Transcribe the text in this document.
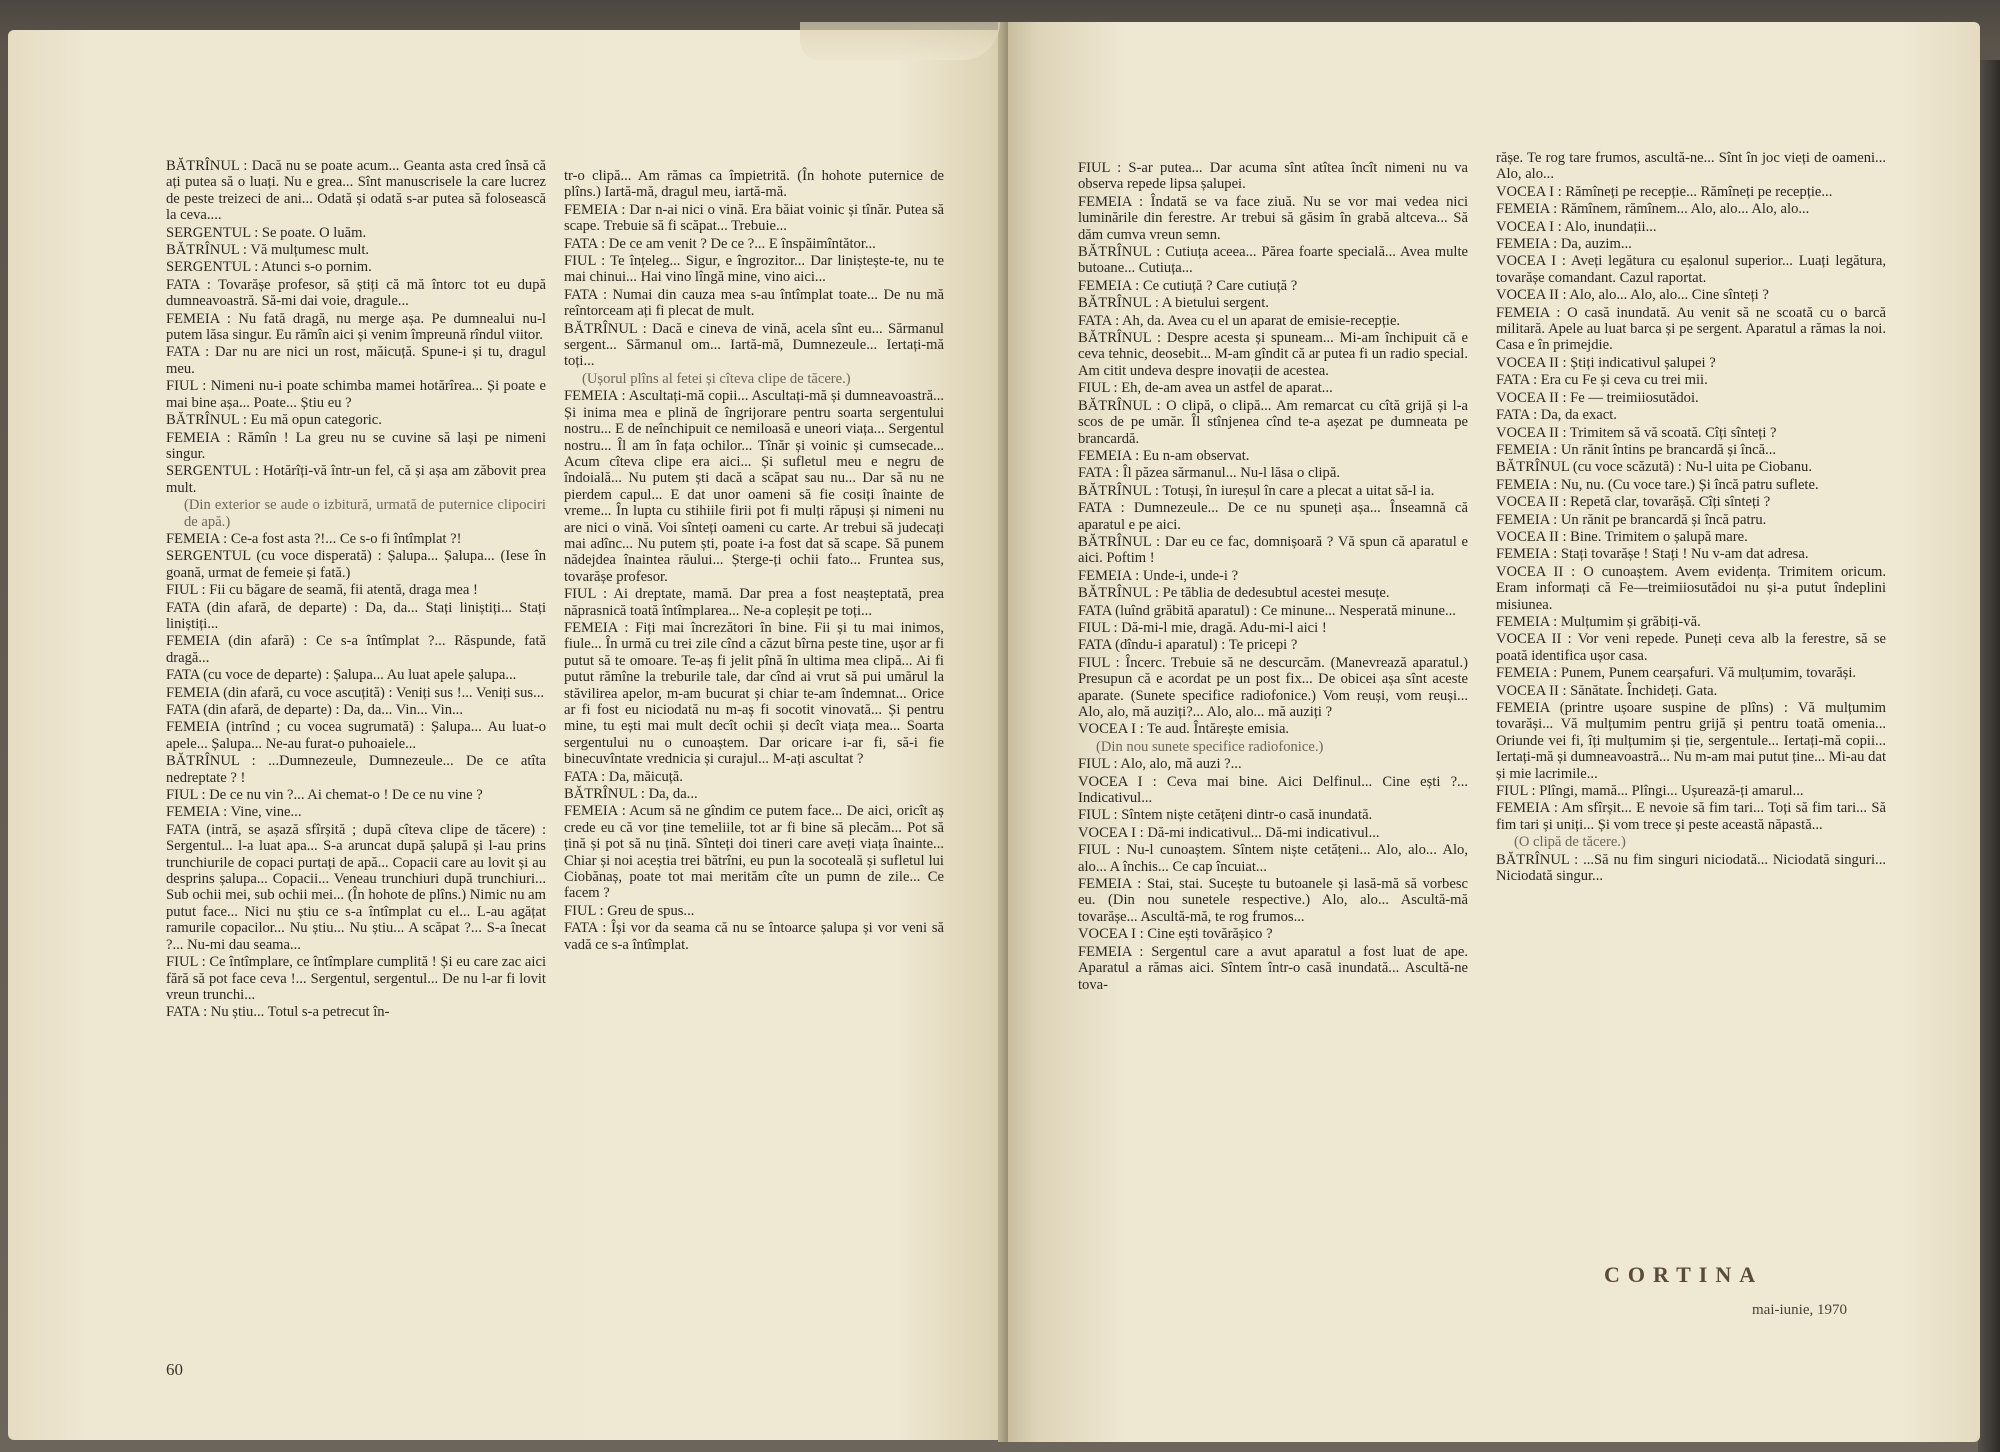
BĂTRÎNUL : Dacă nu se poate acum... Geanta asta cred însă că ați putea să o luați. Nu e grea... Sînt manuscrisele la care lucrez de peste treizeci de ani... Odată și odată s-ar putea să folosească la ceva....

SERGENTUL : Se poate. O luăm.

BĂTRÎNUL : Vă mulțumesc mult.

SERGENTUL : Atunci s-o pornim.

FATA : Tovarășe profesor, să știți că mă întorc tot eu după dumneavoastră. Să-mi dai voie, dragule...

FEMEIA : Nu fată dragă, nu merge așa. Pe dumnealui nu-l putem lăsa singur. Eu rămîn aici și venim împreună rîndul viitor.

FATA : Dar nu are nici un rost, măicuță. Spune-i și tu, dragul meu.

FIUL : Nimeni nu-i poate schimba mamei hotărîrea... Și poate e mai bine așa... Poate... Știu eu ?

BĂTRÎNUL : Eu mă opun categoric.

FEMEIA : Rămîn ! La greu nu se cuvine să lași pe nimeni singur.

SERGENTUL : Hotărîți-vă într-un fel, că și așa am zăbovit prea mult.

(Din exterior se aude o izbitură, urmată de puternice clipociri de apă.)

FEMEIA : Ce-a fost asta ?!... Ce s-o fi întîmplat ?!

SERGENTUL (cu voce disperată) : Șalupa... Șalupa... (Iese în goană, urmat de femeie și fată.)

FIUL : Fii cu băgare de seamă, fii atentă, draga mea !

FATA (din afară, de departe) : Da, da... Stați liniștiți... Stați liniștiți...

FEMEIA (din afară) : Ce s-a întîmplat ?... Răspunde, fată dragă...

FATA (cu voce de departe) : Șalupa... Au luat apele șalupa...

FEMEIA (din afară, cu voce ascuțită) : Veniți sus !... Veniți sus...

FATA (din afară, de departe) : Da, da... Vin... Vin...

FEMEIA (intrînd ; cu vocea sugrumată) : Șalupa... Au luat-o apele... Șalupa... Ne-au furat-o puhoaiele...

BĂTRÎNUL : ...Dumnezeule, Dumnezeule... De ce atîta nedreptate ? !

FIUL : De ce nu vin ?... Ai chemat-o ! De ce nu vine ?

FEMEIA : Vine, vine...

FATA (intră, se așază sfîrșită ; după cîteva clipe de tăcere) : Sergentul... l-a luat apa... S-a aruncat după șalupă și l-au prins trunchiurile de copaci purtați de apă... Copacii care au lovit și au desprins șalupa... Copacii... Veneau trunchiuri după trunchiuri... Sub ochii mei, sub ochii mei... (În hohote de plîns.) Nimic nu am putut face... Nici nu știu ce s-a întîmplat cu el... L-au agățat ramurile copacilor... Nu știu... Nu știu... A scăpat ?... S-a înecat ?... Nu-mi dau seama...

FIUL : Ce întîmplare, ce întîmplare cumplită ! Și eu care zac aici fără să pot face ceva !... Sergentul, sergentul... De nu l-ar fi lovit vreun trunchi...

FATA : Nu știu... Totul s-a petrecut în-

tr-o clipă... Am rămas ca împietrită. (În hohote puternice de plîns.) Iartă-mă, dragul meu, iartă-mă.

FEMEIA : Dar n-ai nici o vină. Era băiat voinic și tînăr. Putea să scape. Trebuie să fi scăpat... Trebuie...

FATA : De ce am venit ? De ce ?... E înspăimîntător...

FIUL : Te înțeleg... Sigur, e îngrozitor... Dar liniștește-te, nu te mai chinui... Hai vino lîngă mine, vino aici...

FATA : Numai din cauza mea s-au întîmplat toate... De nu mă reîntorceam ați fi plecat de mult.

BĂTRÎNUL : Dacă e cineva de vină, acela sînt eu... Sărmanul sergent... Sărmanul om... Iartă-mă, Dumnezeule... Iertați-mă toți...

(Ușorul plîns al fetei și cîteva clipe de tăcere.)

FEMEIA : Ascultați-mă copii... Ascultați-mă și dumneavoastră... Și inima mea e plină de îngrijorare pentru soarta sergentului nostru... E de neînchipuit ce nemiloasă e uneori viața... Sergentul nostru... Îl am în fața ochilor... Tînăr și voinic și cumsecade... Acum cîteva clipe era aici... Și sufletul meu e negru de îndoială... Nu putem ști dacă a scăpat sau nu... Dar să nu ne pierdem capul... E dat unor oameni să fie cosiți înainte de vreme... În lupta cu stihiile firii pot fi mulți răpuși și nimeni nu are nici o vină. Voi sînteți oameni cu carte. Ar trebui să judecați mai adînc... Nu putem ști, poate i-a fost dat să scape. Să punem nădejdea înaintea răului... Șterge-ți ochii fato... Fruntea sus, tovarășe profesor.

FIUL : Ai dreptate, mamă. Dar prea a fost neașteptată, prea năprasnică toată întîmplarea... Ne-a copleșit pe toți...

FEMEIA : Fiți mai încrezători în bine. Fii și tu mai inimos, fiule... În urmă cu trei zile cînd a căzut bîrna peste tine, ușor ar fi putut să te omoare. Te-aș fi jelit pînă în ultima mea clipă... Ai fi putut rămîne la treburile tale, dar cînd ai vrut să pui umărul la stăvilirea apelor, m-am bucurat și chiar te-am îndemnat... Orice ar fi fost eu niciodată nu m-aș fi socotit vinovată... Și pentru mine, tu ești mai mult decît ochii și decît viața mea... Soarta sergentului nu o cunoaștem. Dar oricare i-ar fi, să-i fie binecuvîntate vrednicia și curajul... M-ați ascultat ?

FATA : Da, măicuță.

BĂTRÎNUL : Da, da...

FEMEIA : Acum să ne gîndim ce putem face... De aici, oricît aș crede eu că vor ține temeliile, tot ar fi bine să plecăm... Pot să țină și pot să nu țină. Sînteți doi tineri care aveți viața înainte... Chiar și noi aceștia trei bătrîni, eu pun la socoteală și sufletul lui Ciobănaș, poate tot mai merităm cîte un pumn de zile... Ce facem ?

FIUL : Greu de spus...

FATA : Își vor da seama că nu se întoarce șalupa și vor veni să vadă ce s-a întîmplat.

60

FIUL : S-ar putea... Dar acuma sînt atîtea încît nimeni nu va observa repede lipsa șalupei.

FEMEIA : Îndată se va face ziuă. Nu se vor mai vedea nici luminările din ferestre. Ar trebui să găsim în grabă altceva... Să dăm cumva vreun semn.

BĂTRÎNUL : Cutiuța aceea... Părea foarte specială... Avea multe butoane... Cutiuța...

FEMEIA : Ce cutiuță ? Care cutiuță ?

BĂTRÎNUL : A bietului sergent.

FATA : Ah, da. Avea cu el un aparat de emisie-recepție.

BĂTRÎNUL : Despre acesta și spuneam... Mi-am închipuit că e ceva tehnic, deosebit... M-am gîndit că ar putea fi un radio special. Am citit undeva despre inovații de acestea.

FIUL : Eh, de-am avea un astfel de aparat...

BĂTRÎNUL : O clipă, o clipă... Am remarcat cu cîtă grijă și l-a scos de pe umăr. Îl stînjenea cînd te-a așezat pe dumneata pe brancardă.

FEMEIA : Eu n-am observat.

FATA : Îl păzea sărmanul... Nu-l lăsa o clipă.

BĂTRÎNUL : Totuși, în iureșul în care a plecat a uitat să-l ia.

FATA : Dumnezeule... De ce nu spuneți așa... Înseamnă că aparatul e pe aici.

BĂTRÎNUL : Dar eu ce fac, domnișoară ? Vă spun că aparatul e aici. Poftim !

FEMEIA : Unde-i, unde-i ?

BĂTRÎNUL : Pe tăblia de dedesubtul acestei mesuțe.

FATA (luînd grăbită aparatul) : Ce minune... Nesperată minune...

FIUL : Dă-mi-l mie, dragă. Adu-mi-l aici !

FATA (dîndu-i aparatul) : Te pricepi ?

FIUL : Încerc. Trebuie să ne descurcăm. (Manevrează aparatul.) Presupun că e acordat pe un post fix... De obicei așa sînt aceste aparate. (Sunete specifice radiofonice.) Vom reuși, vom reuși... Alo, alo, mă auziți?... Alo, alo... mă auziți ?

VOCEA I : Te aud. Întărește emisia.

(Din nou sunete specifice radiofonice.)

FIUL : Alo, alo, mă auzi ?...

VOCEA I : Ceva mai bine. Aici Delfinul... Cine ești ?... Indicativul...

FIUL : Sîntem niște cetățeni dintr-o casă inundată.

VOCEA I : Dă-mi indicativul... Dă-mi indicativul...

FIUL : Nu-l cunoaștem. Sîntem niște cetățeni... Alo, alo... Alo, alo... A închis... Ce cap încuiat...

FEMEIA : Stai, stai. Sucește tu butoanele și lasă-mă să vorbesc eu. (Din nou sunetele respective.) Alo, alo... Ascultă-mă tovarășe... Ascultă-mă, te rog frumos...

VOCEA I : Cine ești tovărășico ?

FEMEIA : Sergentul care a avut aparatul a fost luat de ape. Aparatul a rămas aici. Sîntem într-o casă inundată... Ascultă-ne tova-

rășe. Te rog tare frumos, ascultă-ne... Sînt în joc vieți de oameni... Alo, alo...

VOCEA I : Rămîneți pe recepție... Rămîneți pe recepție...

FEMEIA : Rămînem, rămînem... Alo, alo... Alo, alo...

VOCEA I : Alo, inundații...

FEMEIA : Da, auzim...

VOCEA I : Aveți legătura cu eșalonul superior... Luați legătura, tovarășe comandant. Cazul raportat.

VOCEA II : Alo, alo... Alo, alo... Cine sînteți ?

FEMEIA : O casă inundată. Au venit să ne scoată cu o barcă militară. Apele au luat barca și pe sergent. Aparatul a rămas la noi. Casa e în primejdie.

VOCEA II : Știți indicativul șalupei ?

FATA : Era cu Fe și ceva cu trei mii.

VOCEA II : Fe — treimiiosutădoi.

FATA : Da, da exact.

VOCEA II : Trimitem să vă scoată. Cîți sînteți ?

FEMEIA : Un rănit întins pe brancardă și încă...

BĂTRÎNUL (cu voce scăzută) : Nu-l uita pe Ciobanu.

FEMEIA : Nu, nu. (Cu voce tare.) Și încă patru suflete.

VOCEA II : Repetă clar, tovarășă. Cîți sînteți ?

FEMEIA : Un rănit pe brancardă și încă patru.

VOCEA II : Bine. Trimitem o șalupă mare.

FEMEIA : Stați tovarășe ! Stați ! Nu v-am dat adresa.

VOCEA II : O cunoaștem. Avem evidența. Trimitem oricum. Eram informați că Fe—treimiiosutădoi nu și-a putut îndeplini misiunea.

FEMEIA : Mulțumim și grăbiți-vă.

VOCEA II : Vor veni repede. Puneți ceva alb la ferestre, să se poată identifica ușor casa.

FEMEIA : Punem, Punem cearșafuri. Vă mulțumim, tovarăși.

VOCEA II : Sănătate. Închideți. Gata.

FEMEIA (printre ușoare suspine de plîns) : Vă mulțumim tovarăși... Vă mulțumim pentru grijă și pentru toată omenia... Oriunde vei fi, îți mulțumim și ție, sergentule... Iertați-mă copii... Iertați-mă și dumneavoastră... Nu m-am mai putut ține... Mi-au dat și mie lacrimile...

FIUL : Plîngi, mamă... Plîngi... Ușurează-ți amarul...

FEMEIA : Am sfîrșit... E nevoie să fim tari... Toți să fim tari... Să fim tari și uniți... Și vom trece și peste această năpastă...

(O clipă de tăcere.)

BĂTRÎNUL : ...Să nu fim singuri niciodată... Niciodată singuri... Niciodată singur...

CORTINA
mai-iunie, 1970
